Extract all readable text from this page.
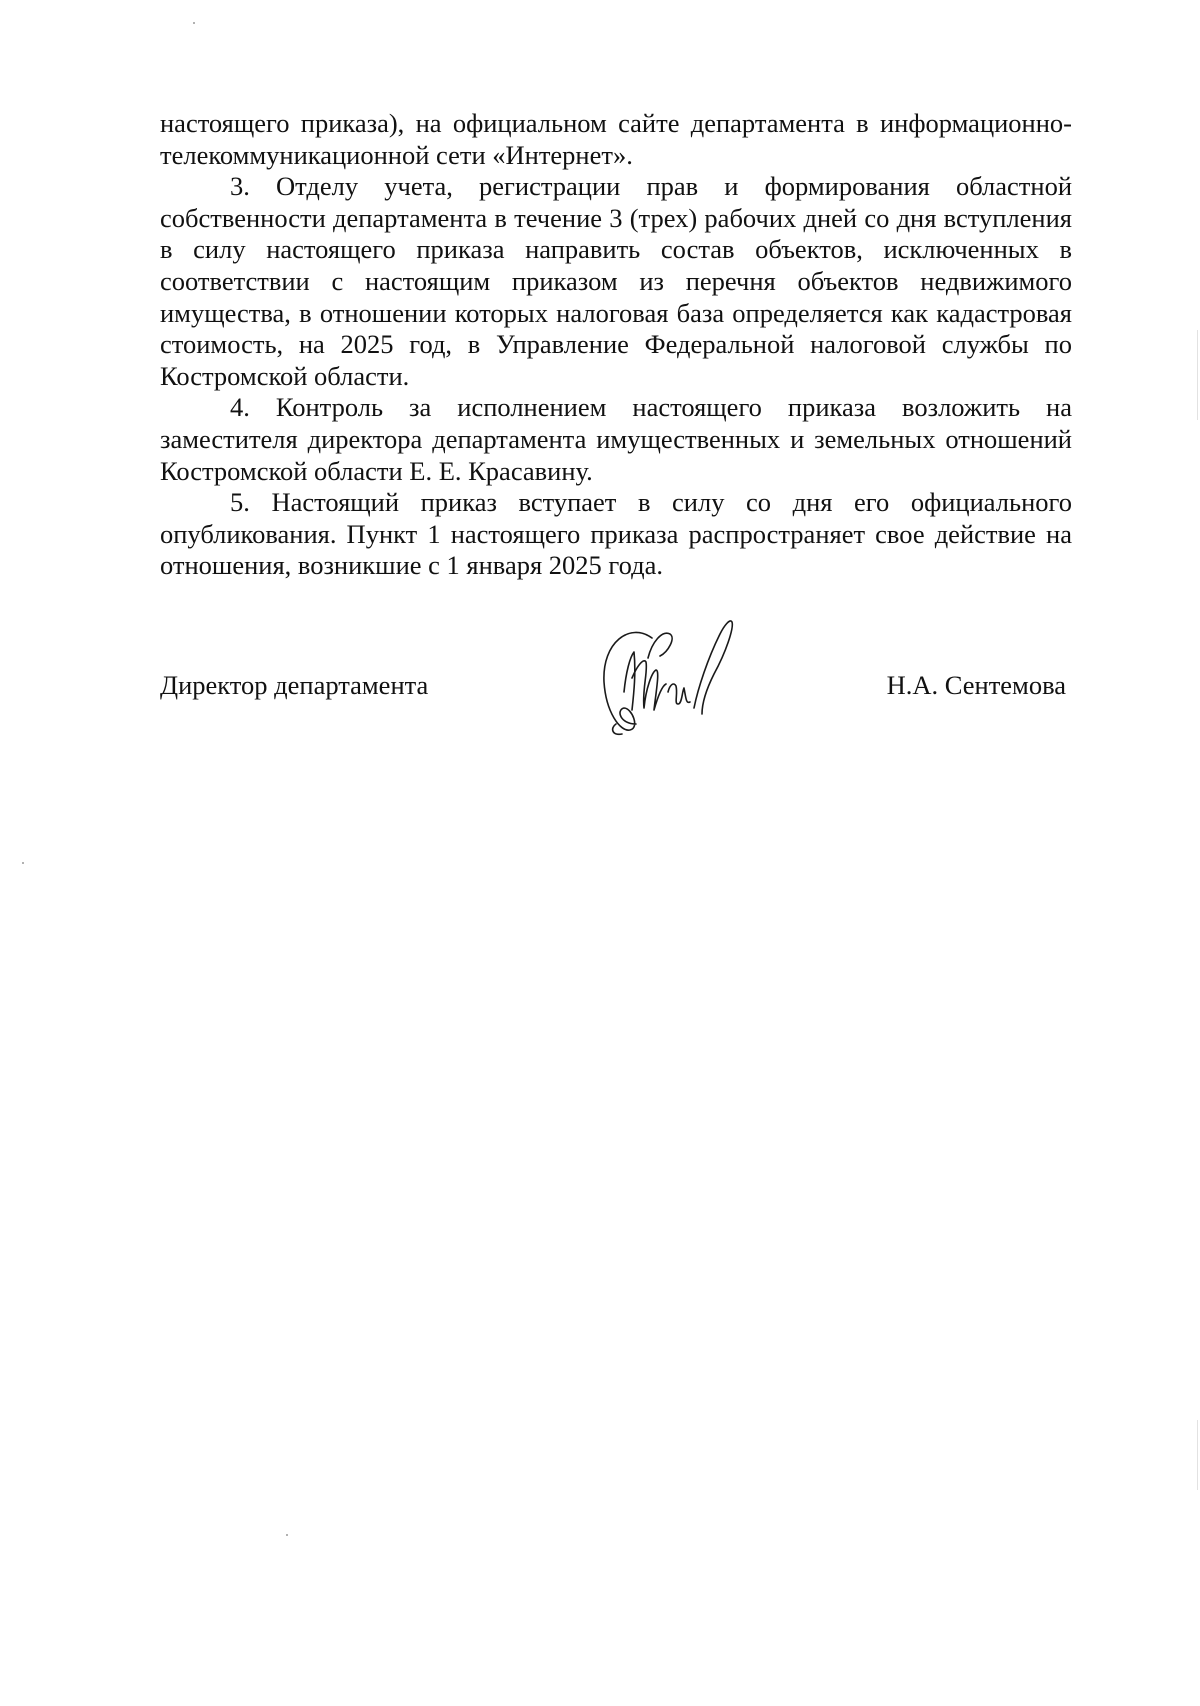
настоящего приказа), на официальном сайте департамента в информационно-телекоммуникационной сети «Интернет».

3. Отделу учета, регистрации прав и формирования областной собственности департамента в течение 3 (трех) рабочих дней со дня вступления в силу настоящего приказа направить состав объектов, исключенных в соответствии с настоящим приказом из перечня объектов недвижимого имущества, в отношении которых налоговая база определяется как кадастровая стоимость, на 2025 год, в Управление Федеральной налоговой службы по Костромской области.

4. Контроль за исполнением настоящего приказа возложить на заместителя директора департамента имущественных и земельных отношений Костромской области Е. Е. Красавину.

5. Настоящий приказ вступает в силу со дня его официального опубликования. Пункт 1 настоящего приказа распространяет свое действие на отношения, возникшие с 1 января 2025 года.

Директор департамента	Н.А. Сентемова
